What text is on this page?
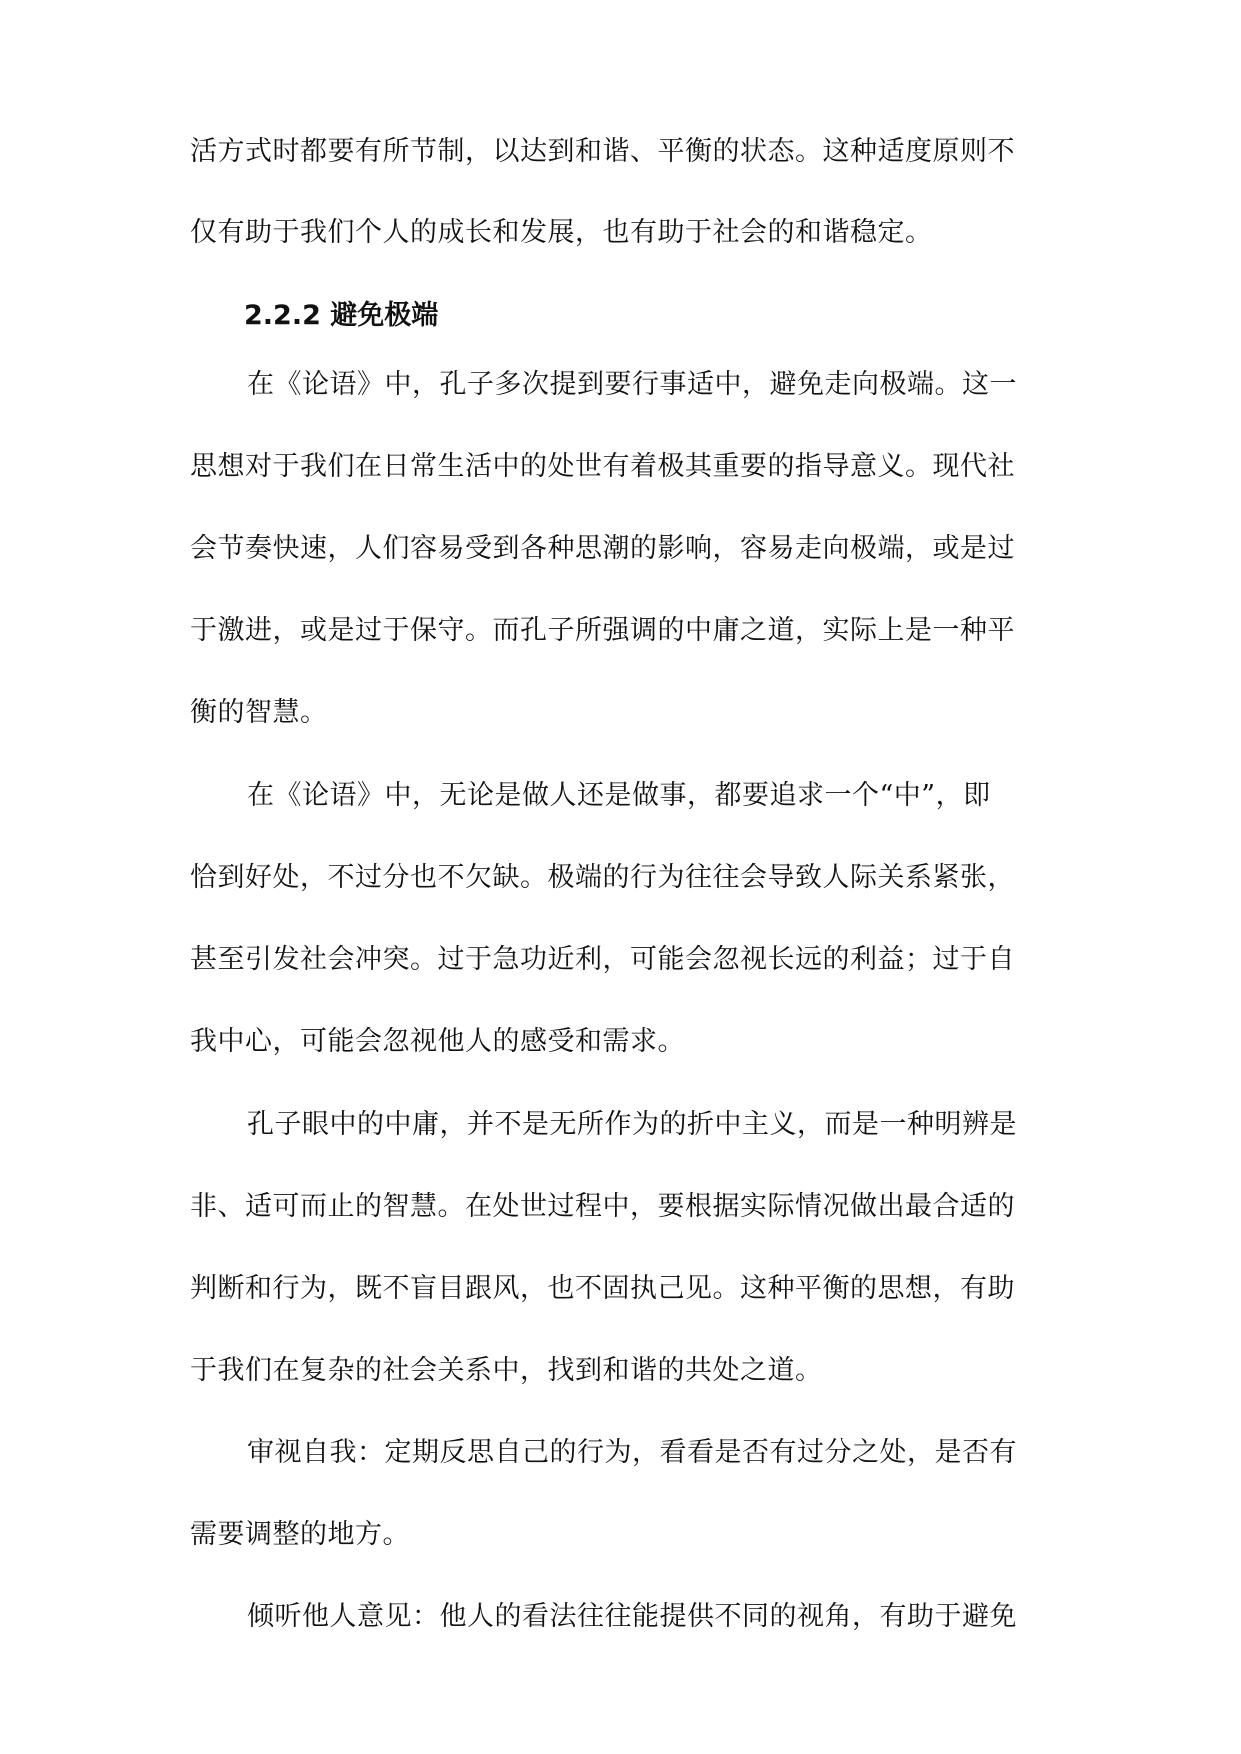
活方式时都要有所节制，以达到和谐、平衡的状态。这种适度原则不
仅有助于我们个人的成长和发展，也有助于社会的和谐稳定。
2.2.2 避免极端
在《论语》中，孔子多次提到要行事适中，避免走向极端。这一
思想对于我们在日常生活中的处世有着极其重要的指导意义。现代社
会节奏快速，人们容易受到各种思潮的影响，容易走向极端，或是过
于激进，或是过于保守。而孔子所强调的中庸之道，实际上是一种平
衡的智慧。
在《论语》中，无论是做人还是做事，都要追求一个“中”，即
恰到好处，不过分也不欠缺。极端的行为往往会导致人际关系紧张，
甚至引发社会冲突。过于急功近利，可能会忽视长远的利益；过于自
我中心，可能会忽视他人的感受和需求。
孔子眼中的中庸，并不是无所作为的折中主义，而是一种明辨是
非、适可而止的智慧。在处世过程中，要根据实际情况做出最合适的
判断和行为，既不盲目跟风，也不固执己见。这种平衡的思想，有助
于我们在复杂的社会关系中，找到和谐的共处之道。
审视自我：定期反思自己的行为，看看是否有过分之处，是否有
需要调整的地方。
倾听他人意见：他人的看法往往能提供不同的视角，有助于避免
